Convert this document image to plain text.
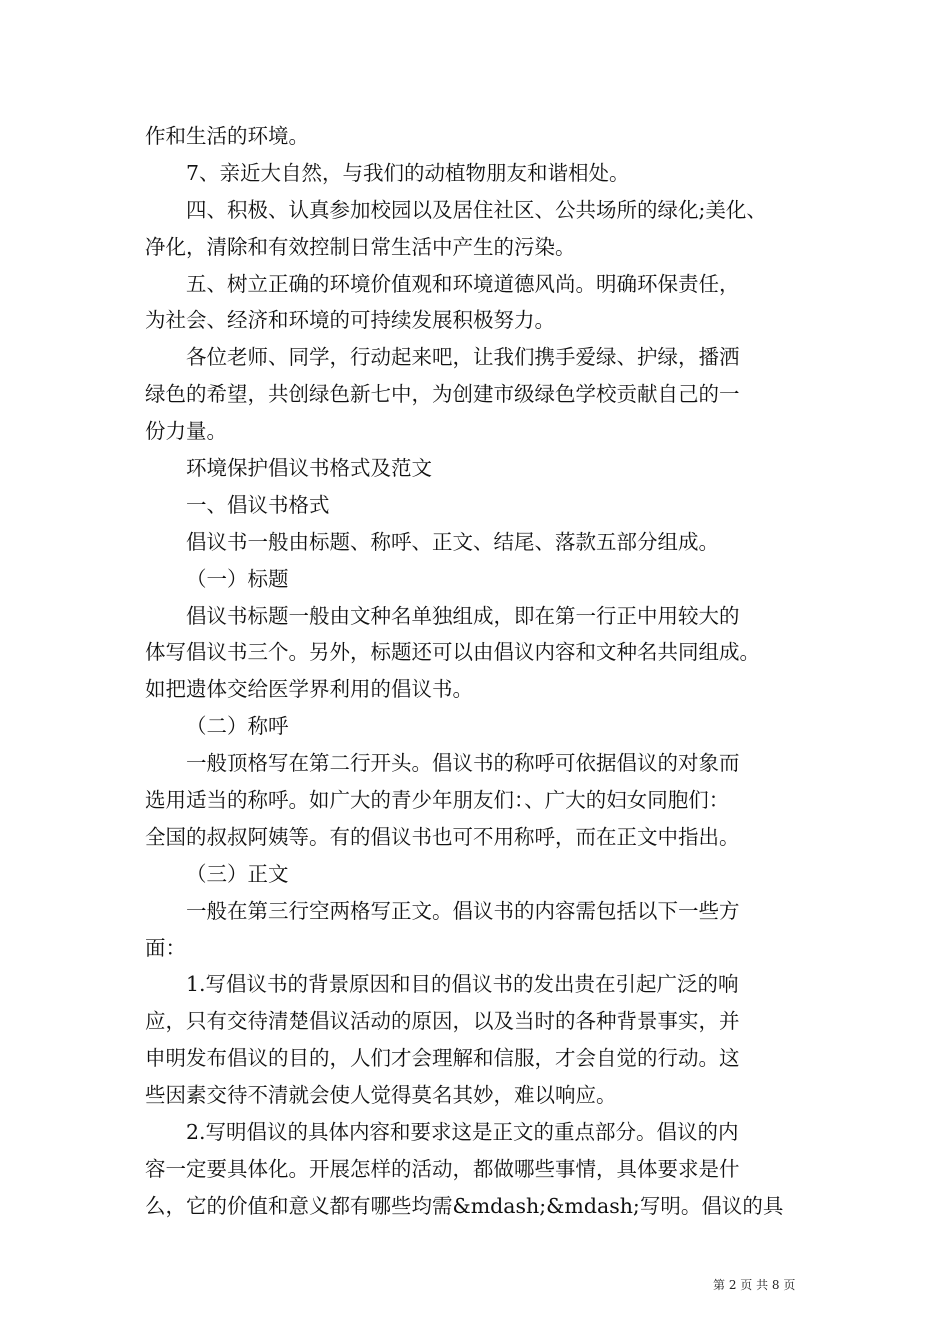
作和生活的环境。
7、亲近大自然，与我们的动植物朋友和谐相处。
四、积极、认真参加校园以及居住社区、公共场所的绿化;美化、
净化，清除和有效控制日常生活中产生的污染。
五、树立正确的环境价值观和环境道德风尚。明确环保责任，
为社会、经济和环境的可持续发展积极努力。
各位老师、同学，行动起来吧，让我们携手爱绿、护绿，播洒
绿色的希望，共创绿色新七中，为创建市级绿色学校贡献自己的一
份力量。
环境保护倡议书格式及范文
一、倡议书格式
倡议书一般由标题、称呼、正文、结尾、落款五部分组成。
（一）标题
倡议书标题一般由文种名单独组成，即在第一行正中用较大的
体写倡议书三个。另外，标题还可以由倡议内容和文种名共同组成。
如把遗体交给医学界利用的倡议书。
（二）称呼
一般顶格写在第二行开头。倡议书的称呼可依据倡议的对象而
选用适当的称呼。如广大的青少年朋友们：、广大的妇女同胞们：
全国的叔叔阿姨等。有的倡议书也可不用称呼，而在正文中指出。
（三）正文
一般在第三行空两格写正文。倡议书的内容需包括以下一些方
面：
1.写倡议书的背景原因和目的倡议书的发出贵在引起广泛的响
应，只有交待清楚倡议活动的原因，以及当时的各种背景事实，并
申明发布倡议的目的，人们才会理解和信服，才会自觉的行动。这
些因素交待不清就会使人觉得莫名其妙，难以响应。
2.写明倡议的具体内容和要求这是正文的重点部分。倡议的内
容一定要具体化。开展怎样的活动，都做哪些事情，具体要求是什
么，它的价值和意义都有哪些均需&mdash;&mdash;写明。倡议的具
第 2 页 共 8 页
